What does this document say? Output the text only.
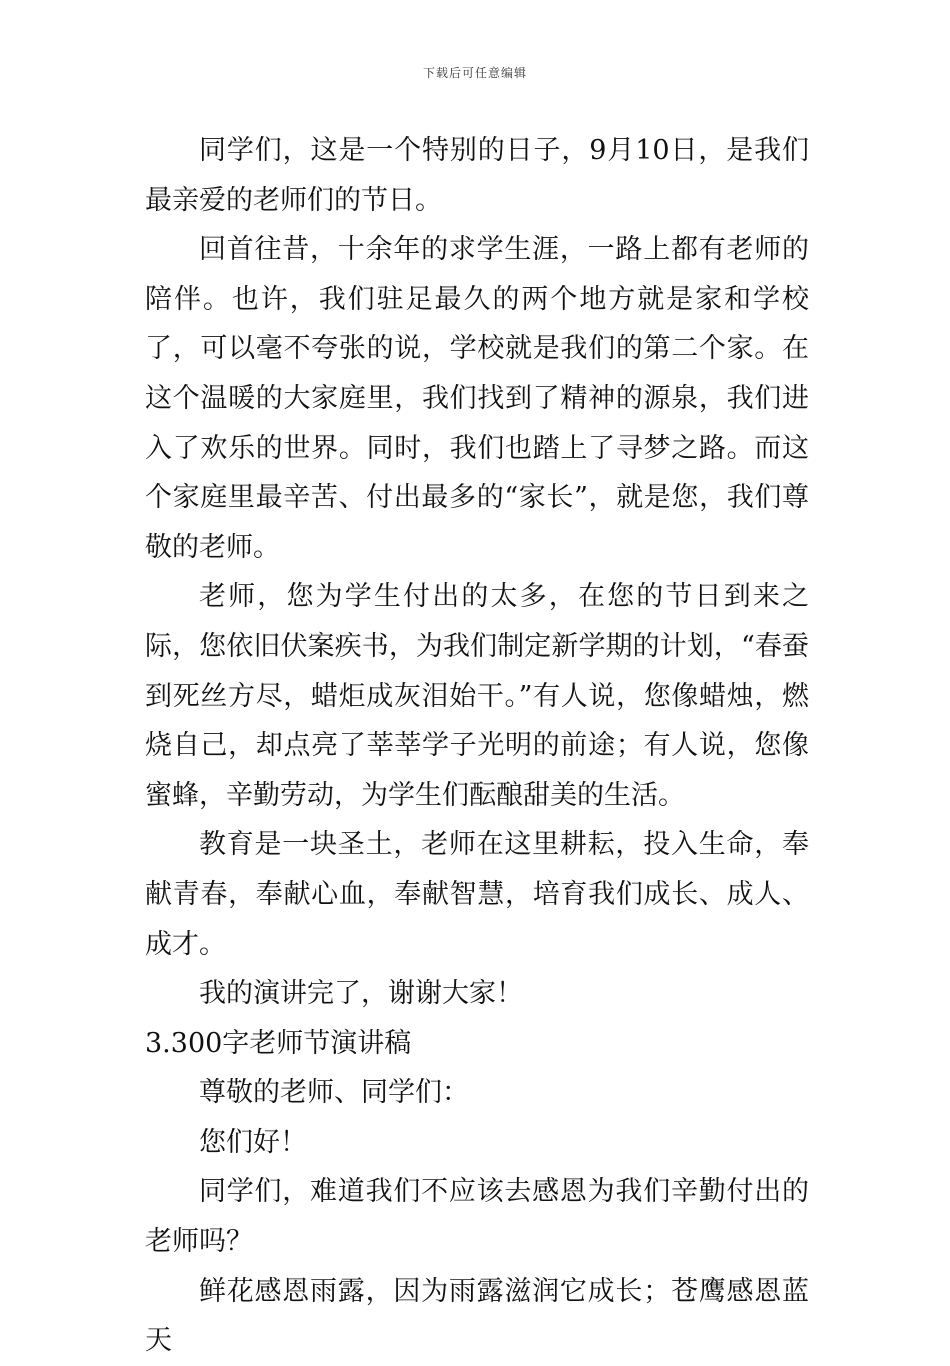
下载后可任意编辑

同学们，这是一个特别的日子，9月10日，是我们最亲爱的老师们的节日。

回首往昔，十余年的求学生涯，一路上都有老师的陪伴。也许，我们驻足最久的两个地方就是家和学校了，可以毫不夸张的说，学校就是我们的第二个家。在这个温暖的大家庭里，我们找到了精神的源泉，我们进入了欢乐的世界。同时，我们也踏上了寻梦之路。而这个家庭里最辛苦、付出最多的“家长”，就是您，我们尊敬的老师。

老师，您为学生付出的太多，在您的节日到来之际，您依旧伏案疾书，为我们制定新学期的计划，“春蚕到死丝方尽，蜡炬成灰泪始干。”有人说，您像蜡烛，燃烧自己，却点亮了莘莘学子光明的前途；有人说，您像蜜蜂，辛勤劳动，为学生们酝酿甜美的生活。

教育是一块圣土，老师在这里耕耘，投入生命，奉献青春，奉献心血，奉献智慧，培育我们成长、成人、成才。

我的演讲完了，谢谢大家！

3.300字老师节演讲稿

尊敬的老师、同学们：

您们好！

同学们，难道我们不应该去感恩为我们辛勤付出的老师吗？

鲜花感恩雨露，因为雨露滋润它成长；苍鹰感恩蓝天
